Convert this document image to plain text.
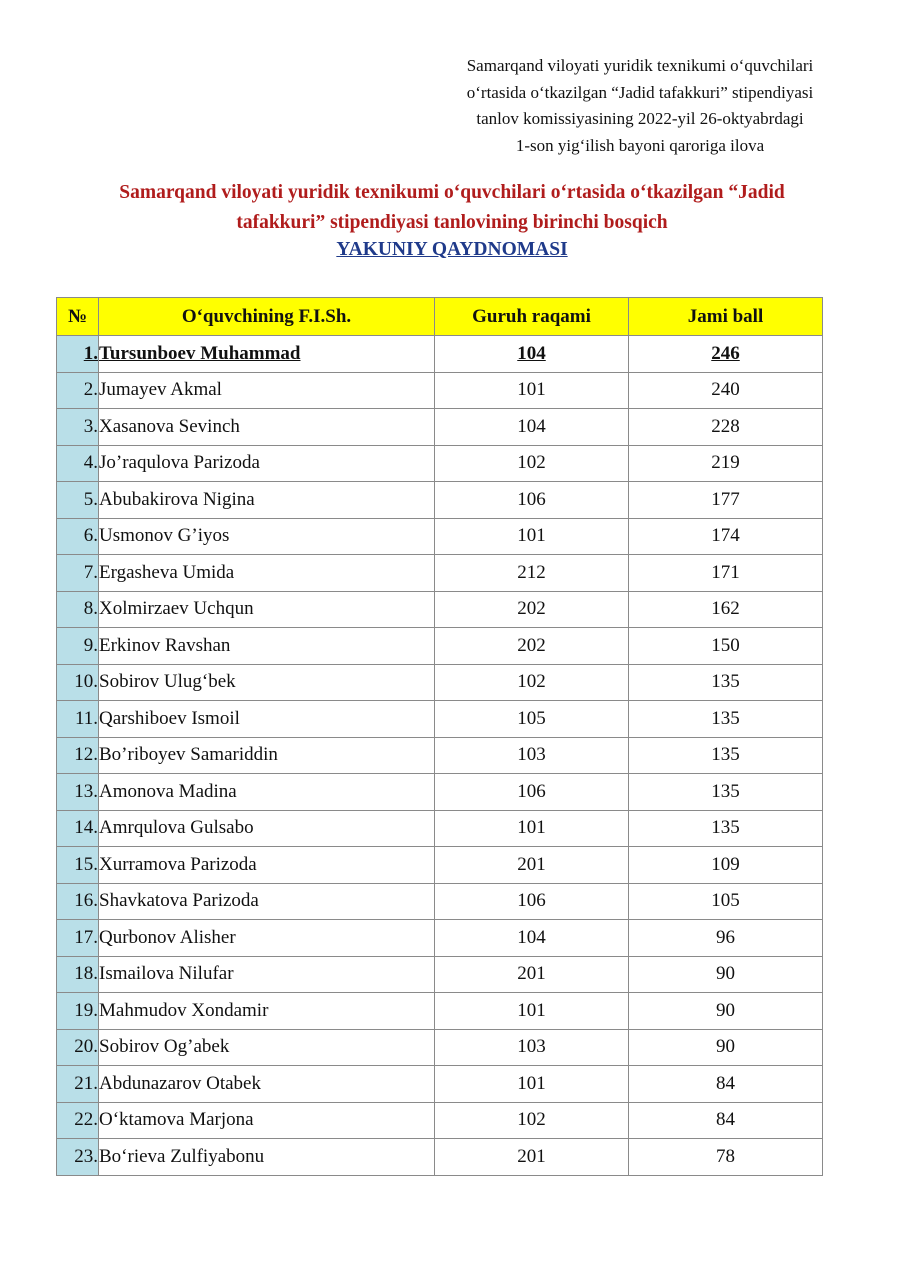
Samarqand viloyati yuridik texnikumi o‘quvchilari
o‘rtasida o‘tkazilgan “Jadid tafakkuri” stipendiyasi
tanlov komissiyasining 2022-yil 26-oktyabrdagi
1-son yig‘ilish bayoni qaroriga ilova
Samarqand viloyati yuridik texnikumi o‘quvchilari o‘rtasida o‘tkazilgan “Jadid
tafakkuri” stipendiyasi tanlovining birinchi bosqich
YAKUNIY QAYDNOMASI
№	O‘quvchining F.I.Sh.	Guruh raqami	Jami ball
1.	Tursunboev Muhammad	104	246
2.	Jumayev Akmal	101	240
3.	Xasanova Sevinch	104	228
4.	Jo’raqulova Parizoda	102	219
5.	Abubakirova Nigina	106	177
6.	Usmonov G’iyos	101	174
7.	Ergasheva Umida	212	171
8.	Xolmirzaev Uchqun	202	162
9.	Erkinov Ravshan	202	150
10.	Sobirov Ulug‘bek	102	135
11.	Qarshiboev Ismoil	105	135
12.	Bo’riboyev Samariddin	103	135
13.	Amonova Madina	106	135
14.	Amrqulova Gulsabo	101	135
15.	Xurramova Parizoda	201	109
16.	Shavkatova Parizoda	106	105
17.	Qurbonov Alisher	104	96
18.	Ismailova Nilufar	201	90
19.	Mahmudov Xondamir	101	90
20.	Sobirov Og’abek	103	90
21.	Abdunazarov Otabek	101	84
22.	O‘ktamova Marjona	102	84
23.	Bo‘rieva Zulfiyabonu	201	78
